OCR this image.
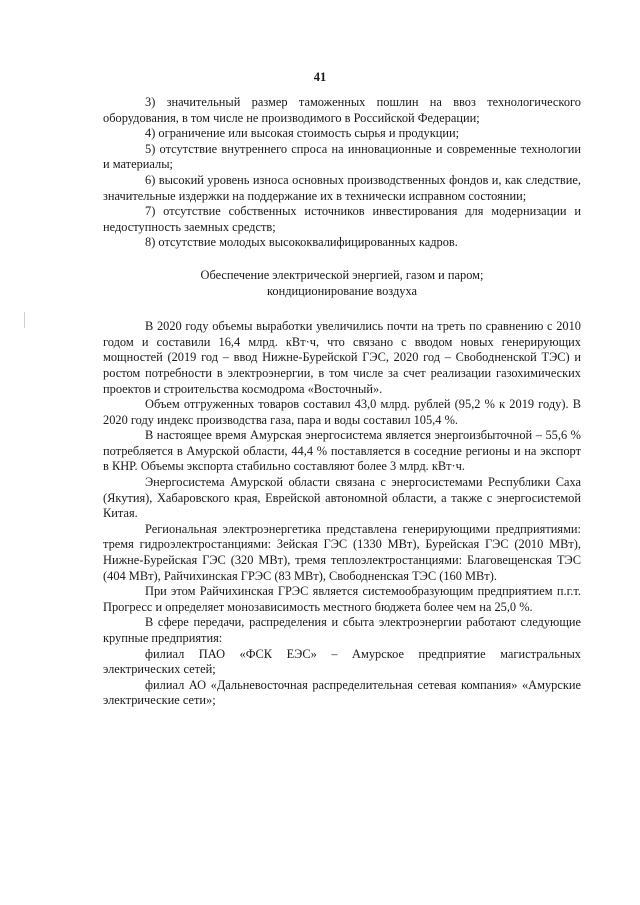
41

3) значительный размер таможенных пошлин на ввоз технологического оборудования, в том числе не производимого в Российской Федерации;

4) ограничение или высокая стоимость сырья и продукции;

5) отсутствие внутреннего спроса на инновационные и современные технологии и материалы;

6) высокий уровень износа основных производственных фондов и, как следствие, значительные издержки на поддержание их в технически исправном состоянии;

7) отсутствие собственных источников инвестирования для модернизации и недоступность заемных средств;

8) отсутствие молодых высококвалифицированных кадров.

Обеспечение электрической энергией, газом и паром;
кондиционирование воздуха

В 2020 году объемы выработки увеличились почти на треть по сравнению с 2010 годом и составили 16,4 млрд. кВт·ч, что связано с вводом новых генерирующих мощностей (2019 год – ввод Нижне-Бурейской ГЭС, 2020 год – Свободненской ТЭС) и ростом потребности в электроэнергии, в том числе за счет реализации газохимических проектов и строительства космодрома «Восточный».

Объем отгруженных товаров составил 43,0 млрд. рублей (95,2 % к 2019 году). В 2020 году индекс производства газа, пара и воды составил 105,4 %.

В настоящее время Амурская энергосистема является энергоизбыточной – 55,6 % потребляется в Амурской области, 44,4 % поставляется в соседние регионы и на экспорт в КНР. Объемы экспорта стабильно составляют более 3 млрд. кВт·ч.

Энергосистема Амурской области связана с энергосистемами Республики Саха (Якутия), Хабаровского края, Еврейской автономной области, а также с энергосистемой Китая.

Региональная электроэнергетика представлена генерирующими предприятиями: тремя гидроэлектростанциями: Зейская ГЭС (1330 МВт), Бурейская ГЭС (2010 МВт), Нижне-Бурейская ГЭС (320 МВт), тремя теплоэлектростанциями: Благовещенская ТЭС (404 МВт), Райчихинская ГРЭС (83 МВт), Свободненская ТЭС (160 МВт).

При этом Райчихинская ГРЭС является системообразующим предприятием п.г.т. Прогресс и определяет монозависимость местного бюджета более чем на 25,0 %.

В сфере передачи, распределения и сбыта электроэнергии работают следующие крупные предприятия:

филиал ПАО «ФСК ЕЭС» – Амурское предприятие магистральных электрических сетей;

филиал АО «Дальневосточная распределительная сетевая компания» «Амурские электрические сети»;
